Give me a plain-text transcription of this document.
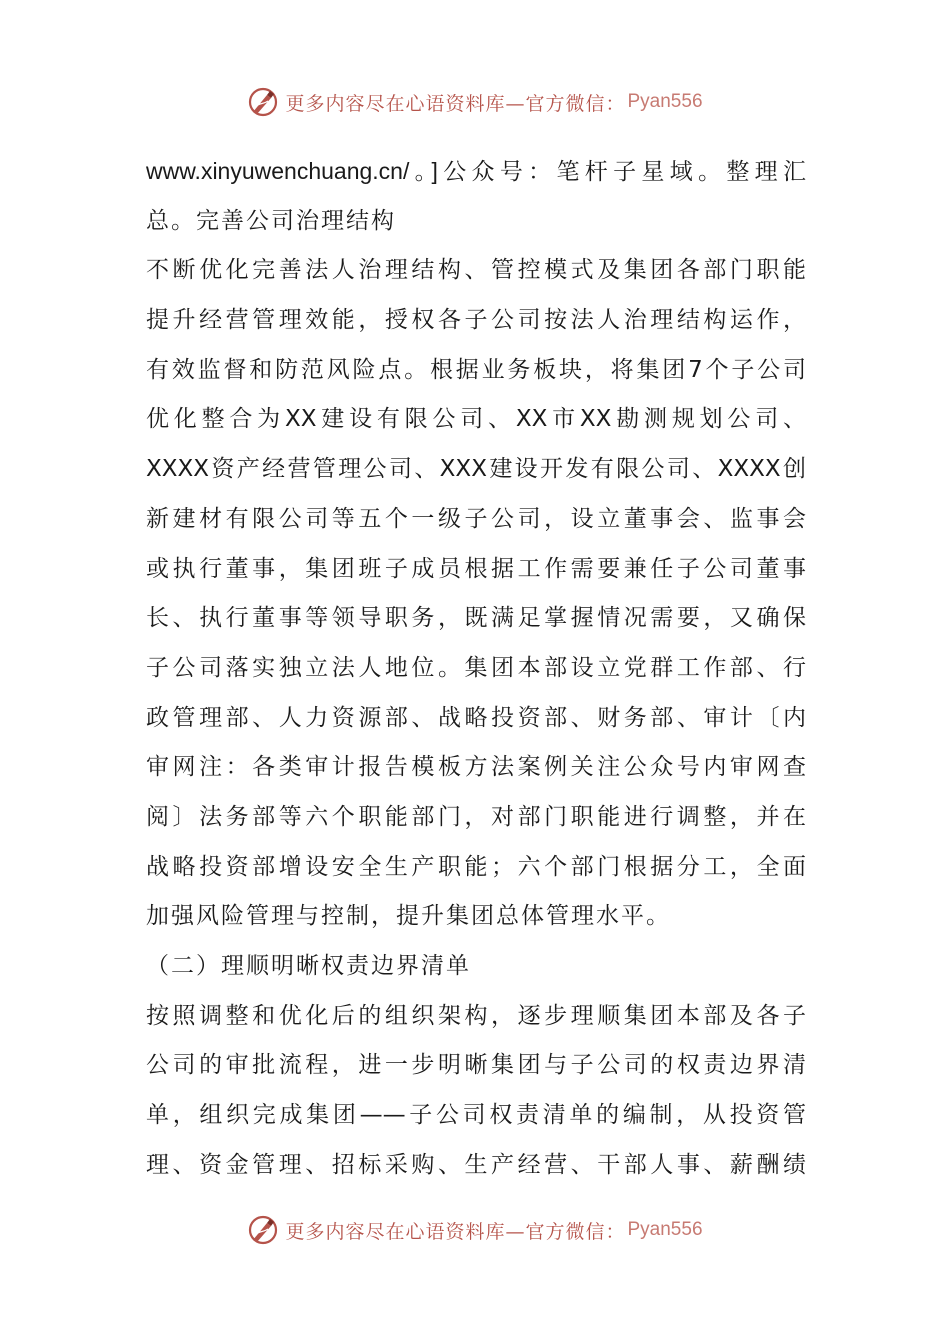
更多内容尽在心语资料库—官方微信： Pyan556
www.xinyuwenchuang.cn/。]公众号：笔杆子星域。整理汇
总。完善公司治理结构
不断优化完善法人治理结构、管控模式及集团各部门职能
提升经营管理效能，授权各子公司按法人治理结构运作，
有效监督和防范风险点。根据业务板块，将集团7个子公司
优化整合为XX建设有限公司、XX市XX勘测规划公司、
XXXX资产经营管理公司、XXX建设开发有限公司、XXXX创
新建材有限公司等五个一级子公司，设立董事会、监事会
或执行董事，集团班子成员根据工作需要兼任子公司董事
长、执行董事等领导职务，既满足掌握情况需要，又确保
子公司落实独立法人地位。集团本部设立党群工作部、行
政管理部、人力资源部、战略投资部、财务部、审计〔内
审网注：各类审计报告模板方法案例关注公众号内审网查
阅〕法务部等六个职能部门，对部门职能进行调整，并在
战略投资部增设安全生产职能；六个部门根据分工，全面
加强风险管理与控制，提升集团总体管理水平。
（二）理顺明晰权责边界清单
按照调整和优化后的组织架构，逐步理顺集团本部及各子
公司的审批流程，进一步明晰集团与子公司的权责边界清
单，组织完成集团——子公司权责清单的编制，从投资管
理、资金管理、招标采购、生产经营、干部人事、薪酬绩
更多内容尽在心语资料库—官方微信： Pyan556
